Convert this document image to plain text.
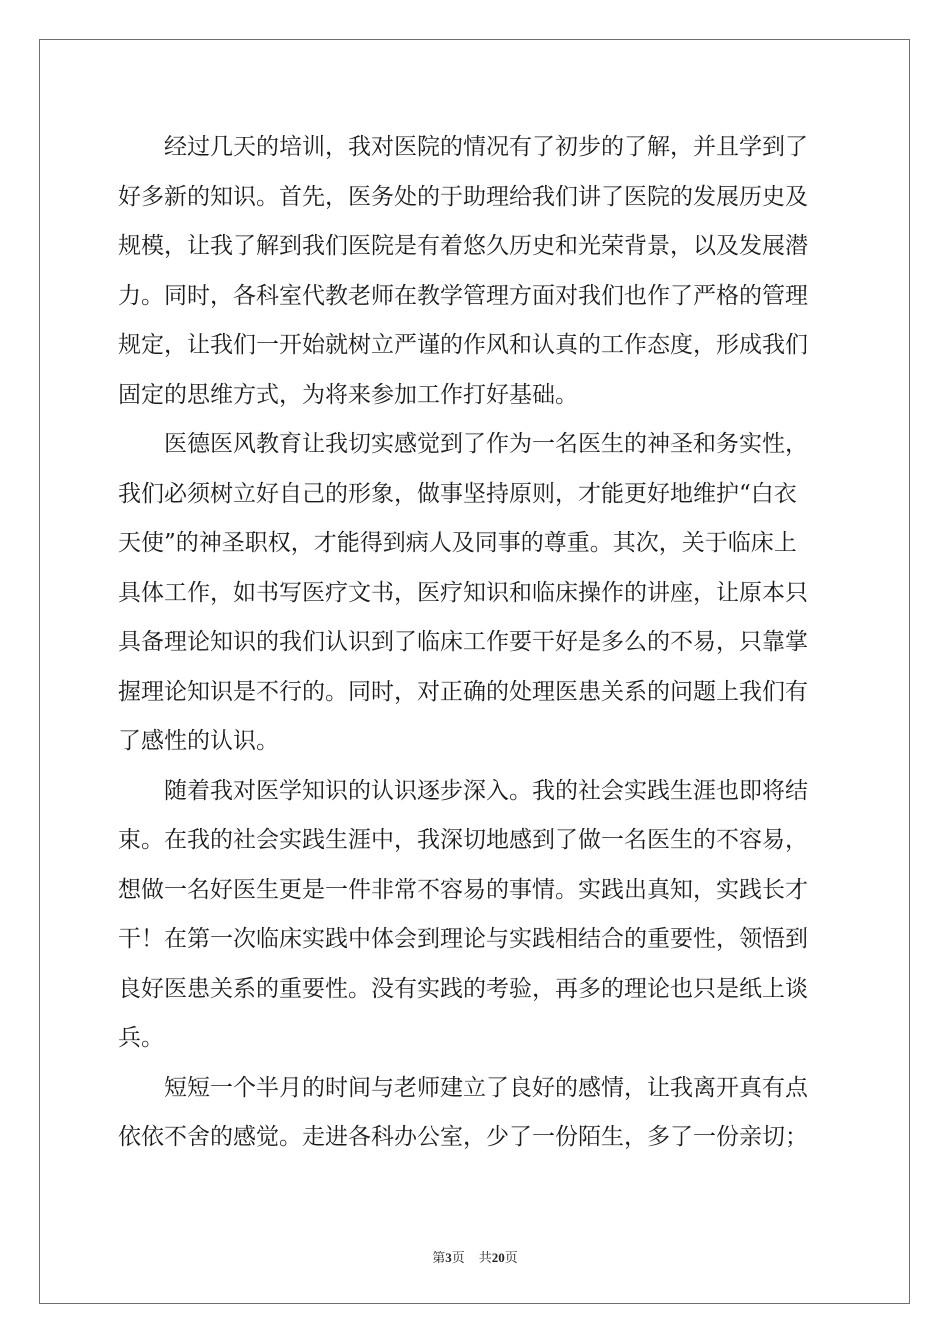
经过几天的培训，我对医院的情况有了初步的了解，并且学到了
好多新的知识。首先，医务处的于助理给我们讲了医院的发展历史及
规模，让我了解到我们医院是有着悠久历史和光荣背景，以及发展潜
力。同时，各科室代教老师在教学管理方面对我们也作了严格的管理
规定，让我们一开始就树立严谨的作风和认真的工作态度，形成我们
固定的思维方式，为将来参加工作打好基础。

医德医风教育让我切实感觉到了作为一名医生的神圣和务实性，
我们必须树立好自己的形象，做事坚持原则，才能更好地维护“白衣
天使”的神圣职权，才能得到病人及同事的尊重。其次，关于临床上
具体工作，如书写医疗文书，医疗知识和临床操作的讲座，让原本只
具备理论知识的我们认识到了临床工作要干好是多么的不易，只靠掌
握理论知识是不行的。同时，对正确的处理医患关系的问题上我们有
了感性的认识。

随着我对医学知识的认识逐步深入。我的社会实践生涯也即将结
束。在我的社会实践生涯中，我深切地感到了做一名医生的不容易，
想做一名好医生更是一件非常不容易的事情。实践出真知，实践长才
干！在第一次临床实践中体会到理论与实践相结合的重要性，领悟到
良好医患关系的重要性。没有实践的考验，再多的理论也只是纸上谈
兵。

短短一个半月的时间与老师建立了良好的感情，让我离开真有点
依依不舍的感觉。走进各科办公室，少了一份陌生，多了一份亲切；

第3页 共20页
